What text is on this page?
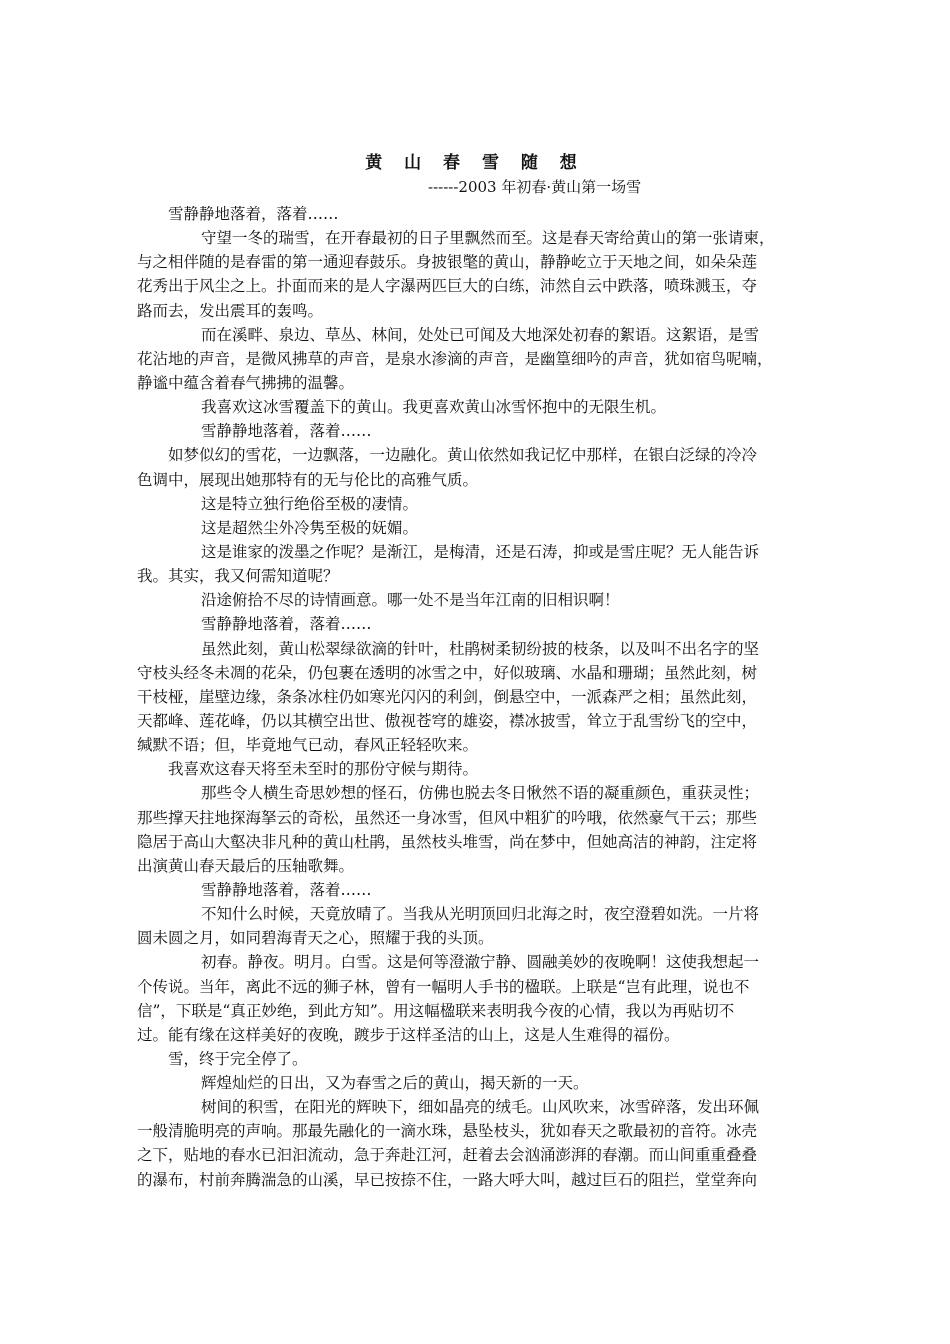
黄 山 春 雪 随 想
------2003 年初春·黄山第一场雪
雪静静地落着，落着……
守望一冬的瑞雪，在开春最初的日子里飘然而至。这是春天寄给黄山的第一张请柬，
与之相伴随的是春雷的第一通迎春鼓乐。身披银氅的黄山，静静屹立于天地之间，如朵朵莲
花秀出于风尘之上。扑面而来的是人字瀑两匹巨大的白练，沛然自云中跌落，喷珠溅玉，夺
路而去，发出震耳的轰鸣。
而在溪畔、泉边、草丛、林间，处处已可闻及大地深处初春的絮语。这絮语，是雪
花沾地的声音，是微风拂草的声音，是泉水渗滴的声音，是幽篁细吟的声音，犹如宿鸟呢喃，
静谧中蕴含着春气拂拂的温馨。
我喜欢这冰雪覆盖下的黄山。我更喜欢黄山冰雪怀抱中的无限生机。
雪静静地落着，落着……
如梦似幻的雪花，一边飘落，一边融化。黄山依然如我记忆中那样，在银白泛绿的冷冷
色调中，展现出她那特有的无与伦比的高雅气质。
这是特立独行绝俗至极的凄情。
这是超然尘外冷隽至极的妩媚。
这是谁家的泼墨之作呢？是渐江，是梅清，还是石涛，抑或是雪庄呢？无人能告诉
我。其实，我又何需知道呢？
沿途俯拾不尽的诗情画意。哪一处不是当年江南的旧相识啊！
雪静静地落着，落着……
虽然此刻，黄山松翠绿欲滴的针叶，杜鹃树柔韧纷披的枝条，以及叫不出名字的坚
守枝头经冬未凋的花朵，仍包裹在透明的冰雪之中，好似玻璃、水晶和珊瑚；虽然此刻，树
干枝桠，崖壁边缘，条条冰柱仍如寒光闪闪的利剑，倒悬空中，一派森严之相；虽然此刻，
天都峰、莲花峰，仍以其横空出世、傲视苍穹的雄姿，襟冰披雪，耸立于乱雪纷飞的空中，
缄默不语；但，毕竟地气已动，春风正轻轻吹来。
我喜欢这春天将至未至时的那份守候与期待。
那些令人横生奇思妙想的怪石，仿佛也脱去冬日愀然不语的凝重颜色，重获灵性；
那些撑天拄地探海拏云的奇松，虽然还一身冰雪，但风中粗犷的吟哦，依然豪气干云；那些
隐居于高山大壑决非凡种的黄山杜鹃，虽然枝头堆雪，尚在梦中，但她高洁的神韵，注定将
出演黄山春天最后的压轴歌舞。
雪静静地落着，落着……
不知什么时候，天竟放晴了。当我从光明顶回归北海之时，夜空澄碧如洗。一片将
圆未圆之月，如同碧海青天之心，照耀于我的头顶。
初春。静夜。明月。白雪。这是何等澄澈宁静、圆融美妙的夜晚啊！这使我想起一
个传说。当年，离此不远的狮子林，曾有一幅明人手书的楹联。上联是“岂有此理，说也不
信”，下联是“真正妙绝，到此方知”。用这幅楹联来表明我今夜的心情，我以为再贴切不
过。能有缘在这样美好的夜晚，踱步于这样圣洁的山上，这是人生难得的福份。
雪，终于完全停了。
辉煌灿烂的日出，又为春雪之后的黄山，揭天新的一天。
树间的积雪，在阳光的辉映下，细如晶亮的绒毛。山风吹来，冰雪碎落，发出环佩
一般清脆明亮的声响。那最先融化的一滴水珠，悬坠枝头，犹如春天之歌最初的音符。冰壳
之下，贴地的春水已汩汩流动，急于奔赴江河，赶着去会汹涌澎湃的春潮。而山间重重叠叠
的瀑布，村前奔腾湍急的山溪，早已按捺不住，一路大呼大叫，越过巨石的阻拦，堂堂奔向
